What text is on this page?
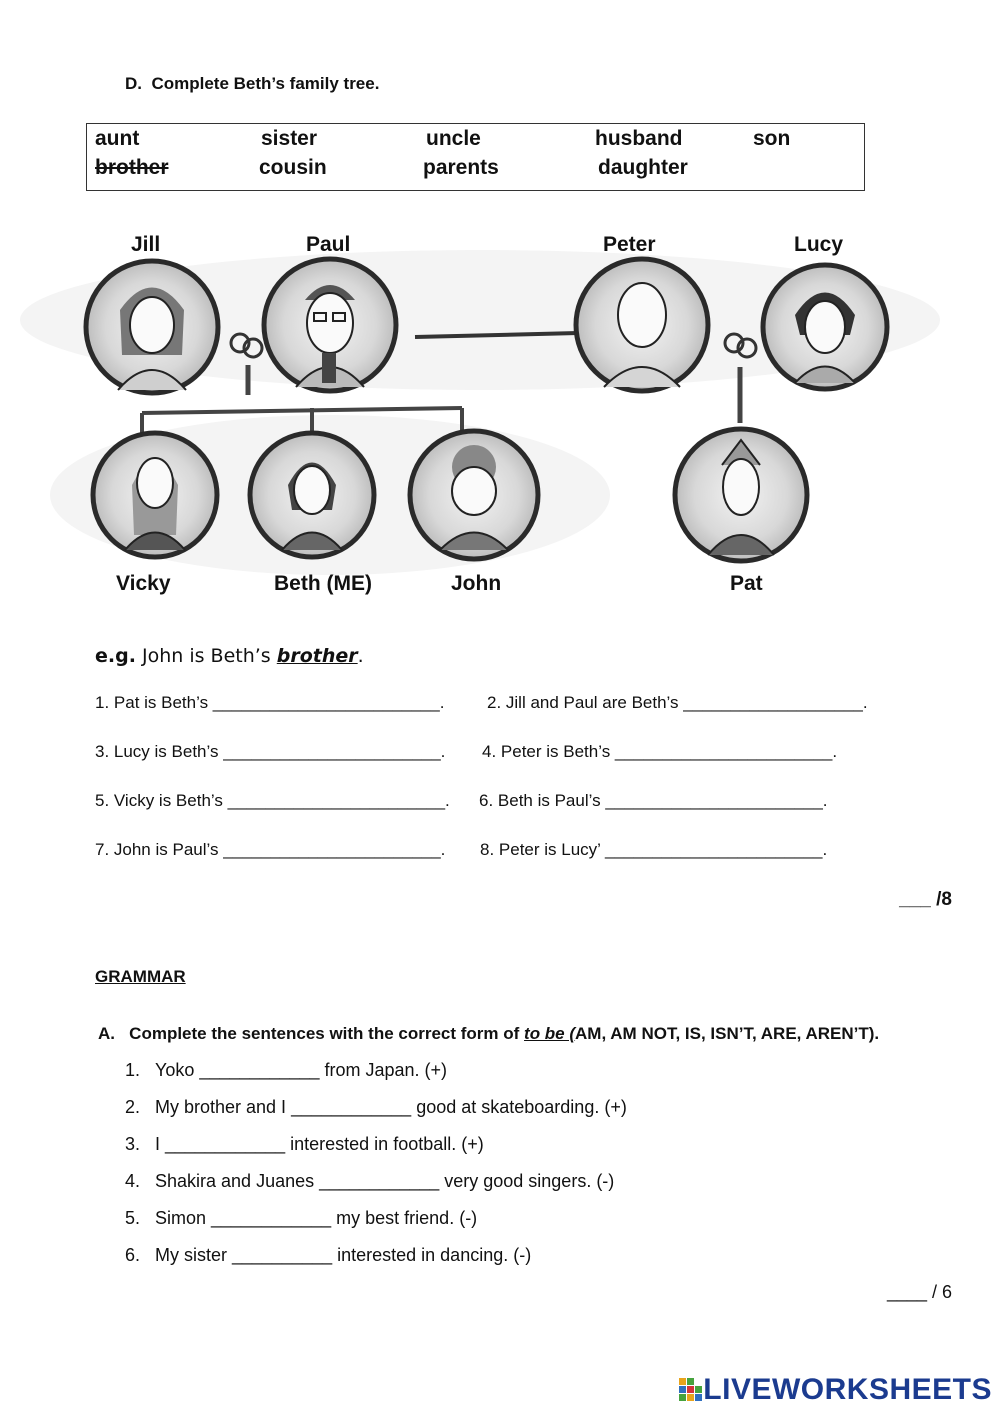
D.  Complete Beth’s family tree.
aunt	sister	uncle	husband	son
brother	cousin	parents	daughter
Jill	Paul	Peter	Lucy
Vicky	Beth (ME)	John	Pat
e.g. John is Beth’s brother.
1. Pat is Beth’s ________________________.	2. Jill and Paul are Beth’s ___________________.
3. Lucy is Beth’s _______________________. 4. Peter is Beth’s _______________________.
5. Vicky is Beth’s _______________________. 6. Beth is Paul’s _______________________.
7. John is Paul’s _______________________. 8. Peter is Lucy’ _______________________.
___ /8
GRAMMAR
A. Complete the sentences with the correct form of to be (AM, AM NOT, IS, ISN’T, ARE, AREN’T).
1. Yoko ____________ from Japan. (+)
2. My brother and I ____________ good at skateboarding. (+)
3. I ____________ interested in football. (+)
4. Shakira and Juanes ____________ very good singers. (-)
5. Simon ____________ my best friend. (-)
6. My sister __________ interested in dancing. (-)
____ / 6
LIVEWORKSHEETS
